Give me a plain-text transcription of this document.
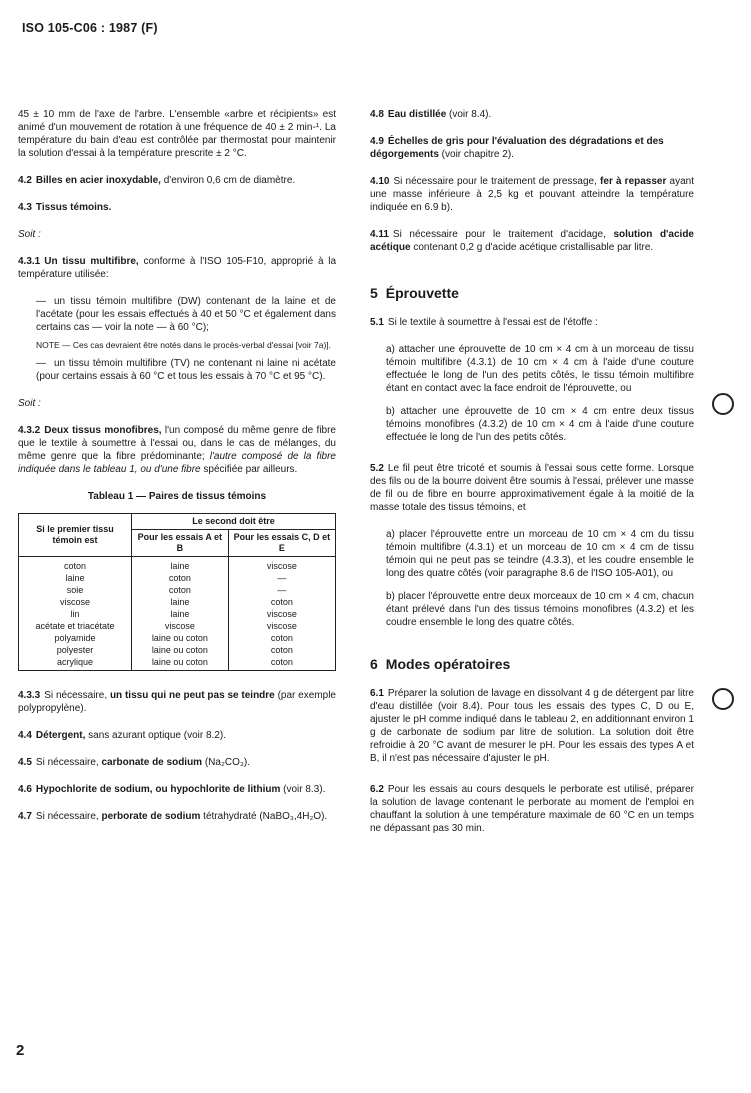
ISO 105-C06 : 1987 (F)

45 ± 10 mm de l'axe de l'arbre. L'ensemble «arbre et récipients» est animé d'un mouvement de rotation à une fréquence de 40 ± 2 min-¹. La température du bain d'eau est contrôlée par thermostat pour maintenir la solution d'essai à la température prescrite ± 2 °C.

4.2 Billes en acier inoxydable, d'environ 0,6 cm de diamètre.

4.3 Tissus témoins.

Soit :

4.3.1 Un tissu multifibre, conforme à l'ISO 105-F10, approprié à la température utilisée:

— un tissu témoin multifibre (DW) contenant de la laine et de l'acétate (pour les essais effectués à 40 et 50 °C et également dans certains cas — voir la note — à 60 °C);

NOTE — Ces cas devraient être notés dans le procès-verbal d'essai [voir 7a)].

— un tissu témoin multifibre (TV) ne contenant ni laine ni acétate (pour certains essais à 60 °C et tous les essais à 70 °C et 95 °C).

Soit :

4.3.2 Deux tissus monofibres, l'un composé du même genre de fibre que le textile à soumettre à l'essai ou, dans le cas de mélanges, du même genre que la fibre prédominante; l'autre composé de la fibre indiquée dans le tableau 1, ou d'une fibre spécifiée par ailleurs.

Tableau 1 — Paires de tissus témoins
Si le premier tissu témoin est	Le second doit être	
	Pour les essais A et B	Pour les essais C, D et E
coton	laine	viscose
laine	coton	—
soie	coton	—
viscose	laine	coton
lin	laine	viscose
acétate et triacétate	viscose	viscose
polyamide	laine ou coton	coton
polyester	laine ou coton	coton
acrylique	laine ou coton	coton

4.3.3 Si nécessaire, un tissu qui ne peut pas se teindre (par exemple polypropylène).

4.4 Détergent, sans azurant optique (voir 8.2).

4.5 Si nécessaire, carbonate de sodium (Na₂CO₃).

4.6 Hypochlorite de sodium, ou hypochlorite de lithium (voir 8.3).

4.7 Si nécessaire, perborate de sodium tétrahydraté (NaBO₃,4H₂O).

4.8 Eau distillée (voir 8.4).

4.9 Échelles de gris pour l'évaluation des dégradations et des dégorgements (voir chapitre 2).

4.10 Si nécessaire pour le traitement de pressage, fer à repasser ayant une masse inférieure à 2,5 kg et pouvant atteindre la température indiquée en 6.9 b).

4.11 Si nécessaire pour le traitement d'acidage, solution d'acide acétique contenant 0,2 g d'acide acétique cristallisable par litre.

5 Éprouvette

5.1 Si le textile à soumettre à l'essai est de l'étoffe :

a) attacher une éprouvette de 10 cm × 4 cm à un morceau de tissu témoin multifibre (4.3.1) de 10 cm × 4 cm à l'aide d'une couture effectuée le long de l'un des petits côtés, le tissu témoin multifibre étant en contact avec la face endroit de l'éprouvette, ou

b) attacher une éprouvette de 10 cm × 4 cm entre deux tissus témoins monofibres (4.3.2) de 10 cm × 4 cm à l'aide d'une couture effectuée le long de l'un des petits côtés.

5.2 Le fil peut être tricoté et soumis à l'essai sous cette forme. Lorsque des fils ou de la bourre doivent être soumis à l'essai, prélever une masse de fil ou de fibre en bourre approximativement égale à la moitié de la masse totale des tissus témoins, et

a) placer l'éprouvette entre un morceau de 10 cm × 4 cm du tissu témoin multifibre (4.3.1) et un morceau de 10 cm × 4 cm de tissu témoin qui ne peut pas se teindre (4.3.3), et les coudre ensemble le long des quatre côtés (voir paragraphe 8.6 de l'ISO 105-A01), ou

b) placer l'éprouvette entre deux morceaux de 10 cm × 4 cm, chacun étant prélevé dans l'un des tissus témoins monofibres (4.3.2) et les coudre ensemble le long des quatre côtés.

6 Modes opératoires

6.1 Préparer la solution de lavage en dissolvant 4 g de détergent par litre d'eau distillée (voir 8.4). Pour tous les essais des types C, D ou E, ajuster le pH comme indiqué dans le tableau 2, en additionnant environ 1 g de carbonate de sodium par litre de solution. La solution doit être refroidie à 20 °C avant de mesurer le pH. Pour les essais des types A et B, il n'est pas nécessaire d'ajuster le pH.

6.2 Pour les essais au cours desquels le perborate est utilisé, préparer la solution de lavage contenant le perborate au moment de l'emploi en chauffant la solution à une température maximale de 60 °C en un temps ne dépassant pas 30 min.

2
